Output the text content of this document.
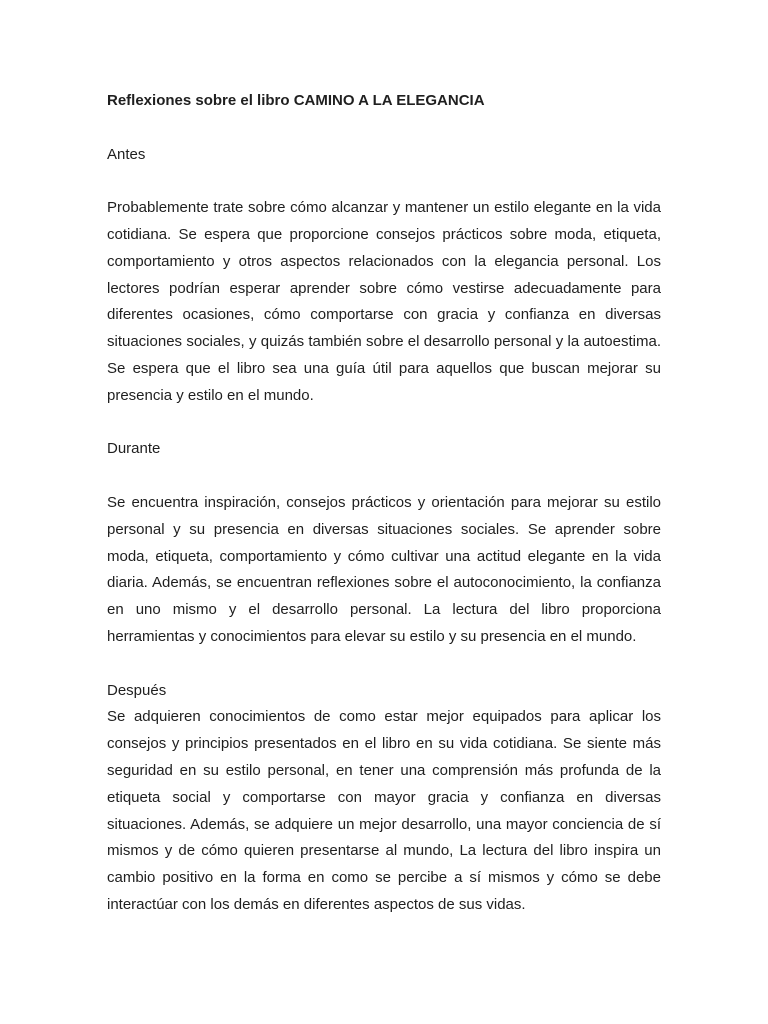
Reflexiones sobre el libro CAMINO A LA ELEGANCIA

Antes

Probablemente trate sobre cómo alcanzar y mantener un estilo elegante en la vida cotidiana. Se espera que proporcione consejos prácticos sobre moda, etiqueta, comportamiento y otros aspectos relacionados con la elegancia personal. Los lectores podrían esperar aprender sobre cómo vestirse adecuadamente para diferentes ocasiones, cómo comportarse con gracia y confianza en diversas situaciones sociales, y quizás también sobre el desarrollo personal y la autoestima. Se espera que el libro sea una guía útil para aquellos que buscan mejorar su presencia y estilo en el mundo.

Durante

Se encuentra inspiración, consejos prácticos y orientación para mejorar su estilo personal y su presencia en diversas situaciones sociales. Se aprender sobre moda, etiqueta, comportamiento y cómo cultivar una actitud elegante en la vida diaria. Además, se encuentran reflexiones sobre el autoconocimiento, la confianza en uno mismo y el desarrollo personal. La lectura del libro proporciona herramientas y conocimientos para elevar su estilo y su presencia en el mundo.

Después

Se adquieren conocimientos de como estar mejor equipados para aplicar los consejos y principios presentados en el libro en su vida cotidiana. Se siente más seguridad en su estilo personal, en tener una comprensión más profunda de la etiqueta social y comportarse con mayor gracia y confianza en diversas situaciones. Además, se adquiere un mejor desarrollo, una mayor conciencia de sí mismos y de cómo quieren presentarse al mundo, La lectura del libro inspira un cambio positivo en la forma en como se percibe a sí mismos y cómo se debe interactúar con los demás en diferentes aspectos de sus vidas.
